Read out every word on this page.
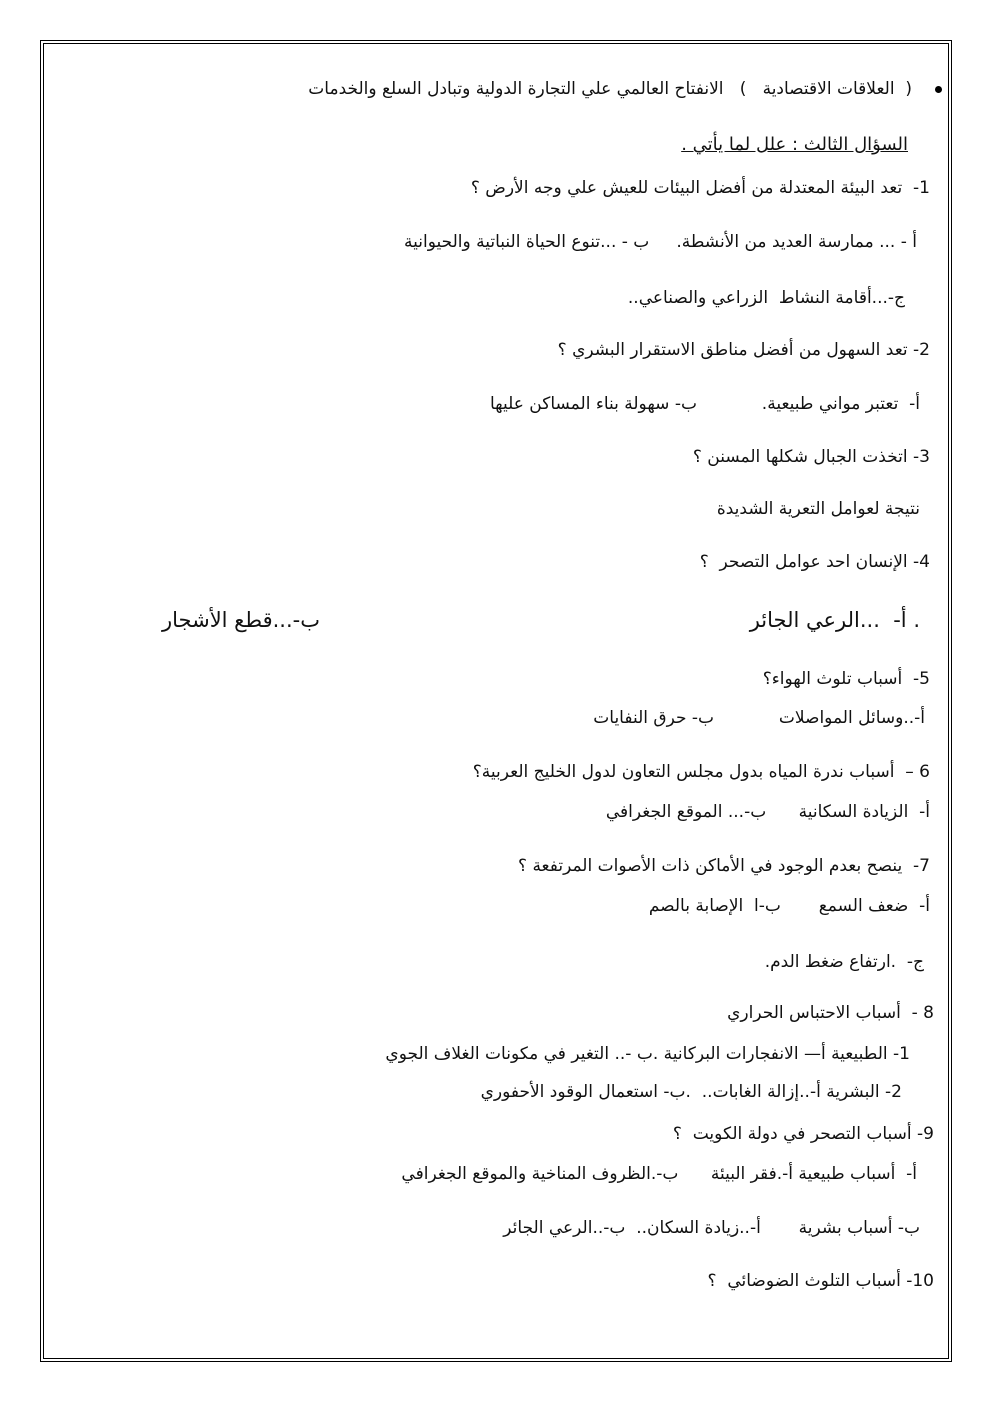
(  العلاقات الاقتصادية   )   الانفتاح العالمي علي التجارة الدولية وتبادل السلع والخدمات
السؤال الثالث : علل لما يأتي .
1-  تعد البيئة المعتدلة من أفضل البيئات للعيش علي وجه الأرض ؟
أ - ... ممارسة العديد من الأنشطة.     ب - ...تنوع الحياة النباتية والحيوانية
ج-...أقامة النشاط  الزراعي والصناعي..
2- تعد السهول من أفضل مناطق الاستقرار البشري ؟
أ-  تعتبر مواني طبيعية.            ب- سهولة بناء المساكن عليها
3- اتخذت الجبال شكلها المسنن ؟
نتيجة لعوامل التعرية الشديدة
4- الإنسان احد عوامل التصحر  ؟
. أ-  ...الرعي الجائر
ب-...قطع الأشجار
5-  أسباب تلوث الهواء؟
أ-..وسائل المواصلات            ب- حرق النفايات
6 –  أسباب ندرة المياه بدول مجلس التعاون لدول الخليج العربية؟
أ-  الزيادة السكانية      ب-... الموقع الجغرافي
7-  ينصح بعدم الوجود في الأماكن ذات الأصوات المرتفعة ؟
أ-  ضعف السمع       ب-ا  الإصابة بالصم
ج-  .ارتفاع ضغط الدم.
8 -  أسباب الاحتباس الحراري
1- الطبيعية أ— الانفجارات البركانية .ب -.. التغير في مكونات الغلاف الجوي
2- البشرية أ-..إزالة الغابات..  .ب- استعمال الوقود الأحفوري
9- أسباب التصحر في دولة الكويت  ؟
أ-  أسباب طبيعية أ-.فقر البيئة      ب-.الظروف المناخية والموقع الجغرافي
ب- أسباب بشرية       أ-..زيادة السكان..  ب-..الرعي الجائر
10- أسباب التلوث الضوضائي  ؟
